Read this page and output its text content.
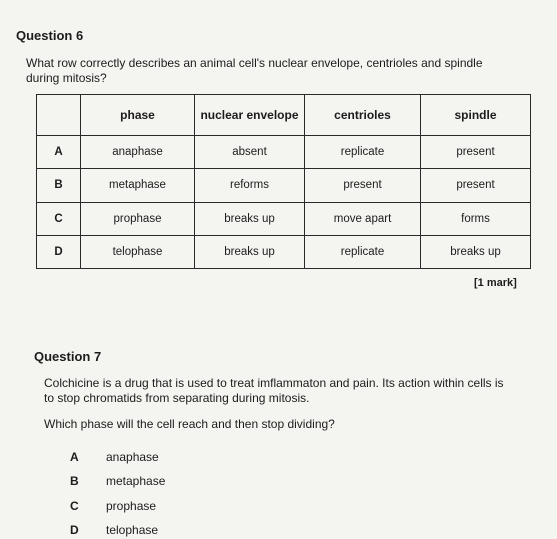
Question 6
What row correctly describes an animal cell's nuclear envelope, centrioles and spindle
during mitosis?
	phase	nuclear envelope	centrioles	spindle
A	anaphase	absent	replicate	present
B	metaphase	reforms	present	present
C	prophase	breaks up	move apart	forms
D	telophase	breaks up	replicate	breaks up
[1 mark]
Question 7
Colchicine is a drug that is used to treat imflammaton and pain. Its action within cells is
to stop chromatids from separating during mitosis.
Which phase will the cell reach and then stop dividing?
A anaphase
B metaphase
C prophase
D telophase
